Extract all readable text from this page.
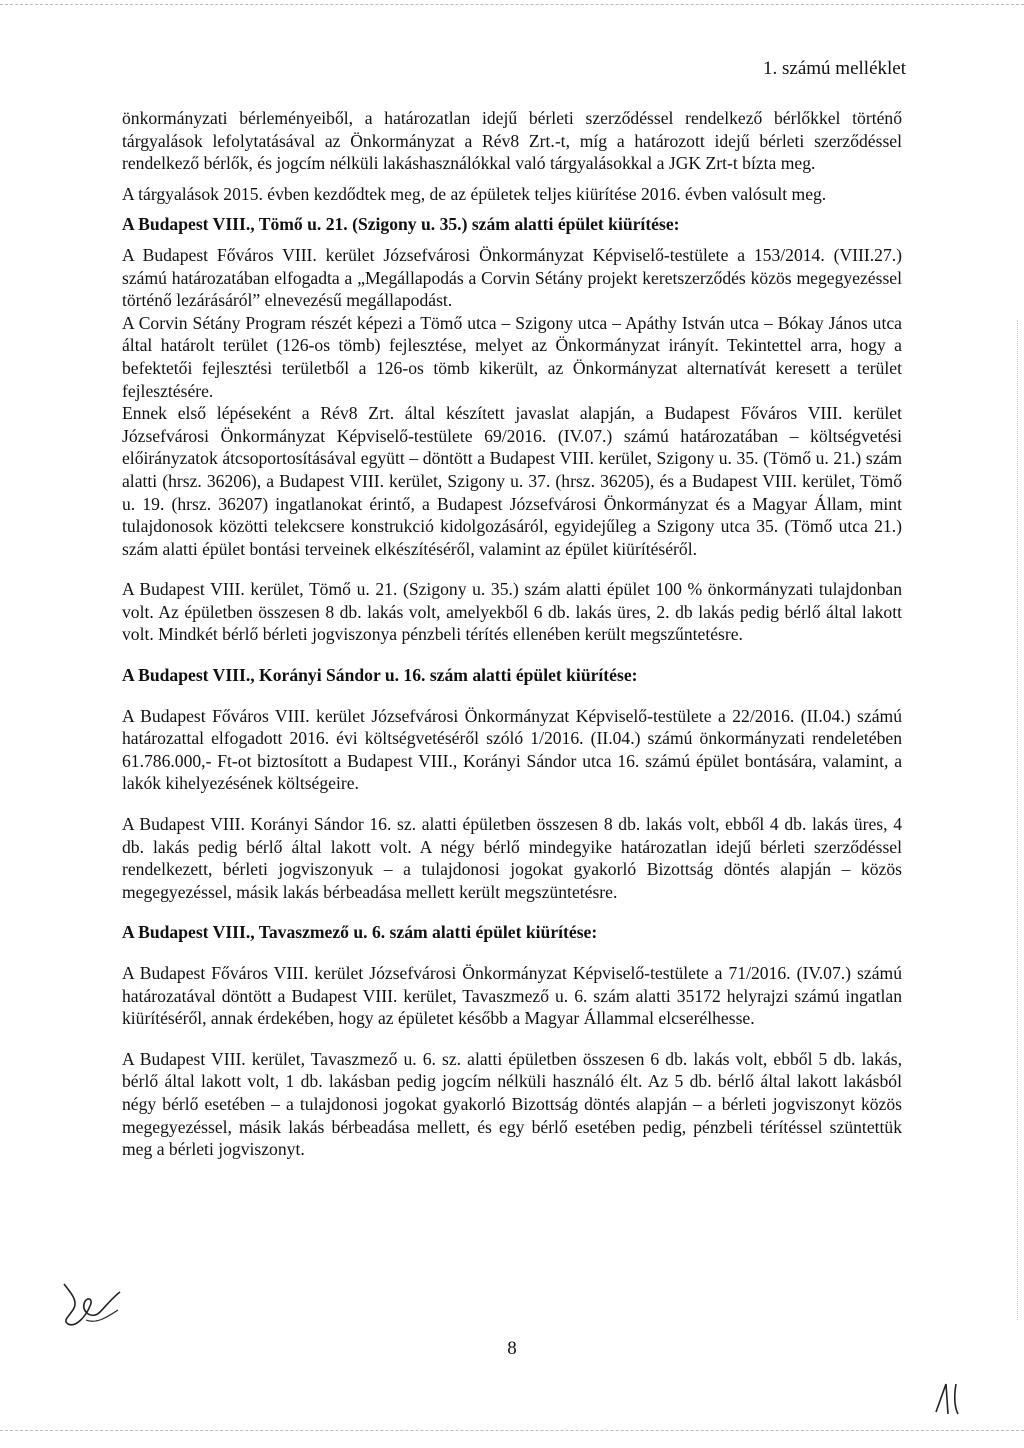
1. számú melléklet

önkormányzati bérleményeiből, a határozatlan idejű bérleti szerződéssel rendelkező bérlőkkel történő tárgyalások lefolytatásával az Önkormányzat a Rév8 Zrt.-t, míg a határozott idejű bérleti szerződéssel rendelkező bérlők, és jogcím nélküli lakáshasználókkal való tárgyalásokkal a JGK Zrt-t bízta meg.

A tárgyalások 2015. évben kezdődtek meg, de az épületek teljes kiürítése 2016. évben valósult meg.

A Budapest VIII., Tömő u. 21. (Szigony u. 35.) szám alatti épület kiürítése:

A Budapest Főváros VIII. kerület Józsefvárosi Önkormányzat Képviselő-testülete a 153/2014. (VIII.27.) számú határozatában elfogadta a „Megállapodás a Corvin Sétány projekt keretszerződés közös megegyezéssel történő lezárásáról” elnevezésű megállapodást.

A Corvin Sétány Program részét képezi a Tömő utca – Szigony utca – Apáthy István utca – Bókay János utca által határolt terület (126-os tömb) fejlesztése, melyet az Önkormányzat irányít. Tekintettel arra, hogy a befektetői fejlesztési területből a 126-os tömb kikerült, az Önkormányzat alternatívát keresett a terület fejlesztésére.

Ennek első lépéseként a Rév8 Zrt. által készített javaslat alapján, a Budapest Főváros VIII. kerület Józsefvárosi Önkormányzat Képviselő-testülete 69/2016. (IV.07.) számú határozatában – költségvetési előirányzatok átcsoportosításával együtt – döntött a Budapest VIII. kerület, Szigony u. 35. (Tömő u. 21.) szám alatti (hrsz. 36206), a Budapest VIII. kerület, Szigony u. 37. (hrsz. 36205), és a Budapest VIII. kerület, Tömő u. 19. (hrsz. 36207) ingatlanokat érintő, a Budapest Józsefvárosi Önkormányzat és a Magyar Állam, mint tulajdonosok közötti telekcsere konstrukció kidolgozásáról, egyidejűleg a Szigony utca 35. (Tömő utca 21.) szám alatti épület bontási terveinek elkészítéséről, valamint az épület kiürítéséről.

A Budapest VIII. kerület, Tömő u. 21. (Szigony u. 35.) szám alatti épület 100 % önkormányzati tulajdonban volt. Az épületben összesen 8 db. lakás volt, amelyekből 6 db. lakás üres, 2. db lakás pedig bérlő által lakott volt. Mindkét bérlő bérleti jogviszonya pénzbeli térítés ellenében került megszűntetésre.

A Budapest VIII., Korányi Sándor u. 16. szám alatti épület kiürítése:

A Budapest Főváros VIII. kerület Józsefvárosi Önkormányzat Képviselő-testülete a 22/2016. (II.04.) számú határozattal elfogadott 2016. évi költségvetéséről szóló 1/2016. (II.04.) számú önkormányzati rendeletében 61.786.000,- Ft-ot biztosított a Budapest VIII., Korányi Sándor utca 16. számú épület bontására, valamint, a lakók kihelyezésének költségeire.

A Budapest VIII. Korányi Sándor 16. sz. alatti épületben összesen 8 db. lakás volt, ebből 4 db. lakás üres, 4 db. lakás pedig bérlő által lakott volt. A négy bérlő mindegyike határozatlan idejű bérleti szerződéssel rendelkezett, bérleti jogviszonyuk – a tulajdonosi jogokat gyakorló Bizottság döntés alapján – közös megegyezéssel, másik lakás bérbeadása mellett került megszüntetésre.

A Budapest VIII., Tavaszmező u. 6. szám alatti épület kiürítése:

A Budapest Főváros VIII. kerület Józsefvárosi Önkormányzat Képviselő-testülete a 71/2016. (IV.07.) számú határozatával döntött a Budapest VIII. kerület, Tavaszmező u. 6. szám alatti 35172 helyrajzi számú ingatlan kiürítéséről, annak érdekében, hogy az épületet később a Magyar Állammal elcserélhesse.

A Budapest VIII. kerület, Tavaszmező u. 6. sz. alatti épületben összesen 6 db. lakás volt, ebből 5 db. lakás, bérlő által lakott volt, 1 db. lakásban pedig jogcím nélküli használó élt. Az 5 db. bérlő által lakott lakásból négy bérlő esetében – a tulajdonosi jogokat gyakorló Bizottság döntés alapján – a bérleti jogviszonyt közös megegyezéssel, másik lakás bérbeadása mellett, és egy bérlő esetében pedig, pénzbeli térítéssel szüntettük meg a bérleti jogviszonyt.

8
